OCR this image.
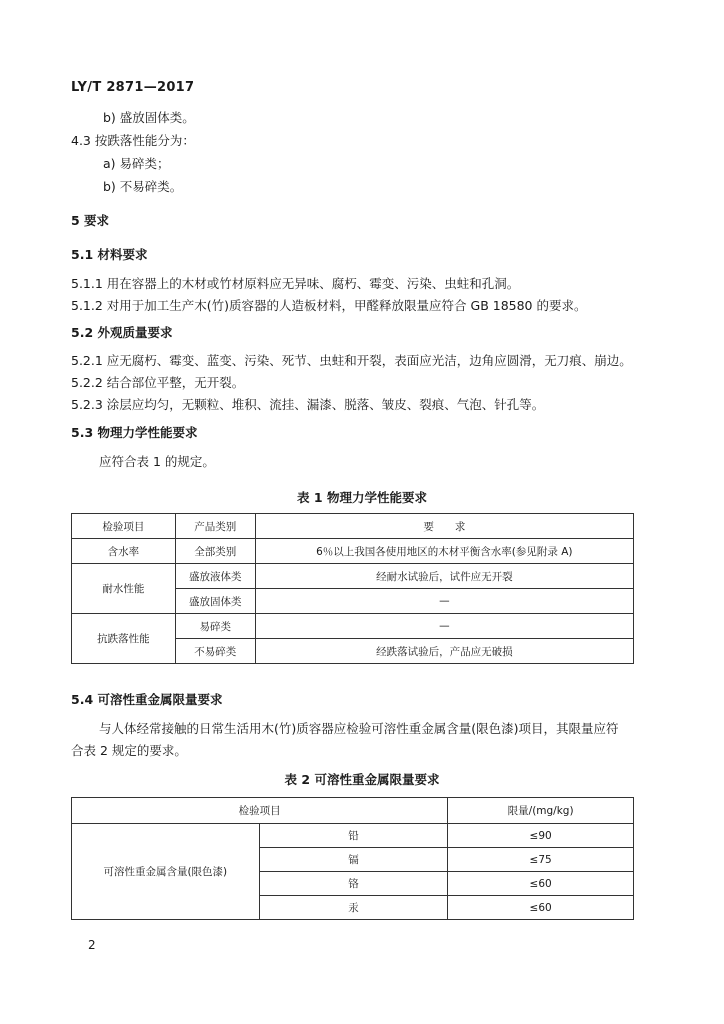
LY/T 2871—2017
b) 盛放固体类。
4.3 按跌落性能分为：
a) 易碎类；
b) 不易碎类。
5 要求
5.1 材料要求
5.1.1 用在容器上的木材或竹材原料应无异味、腐朽、霉变、污染、虫蛀和孔洞。
5.1.2 对用于加工生产木(竹)质容器的人造板材料，甲醛释放限量应符合 GB 18580 的要求。
5.2 外观质量要求
5.2.1 应无腐朽、霉变、蓝变、污染、死节、虫蛀和开裂，表面应光洁，边角应圆滑，无刀痕、崩边。
5.2.2 结合部位平整，无开裂。
5.2.3 涂层应均匀，无颗粒、堆积、流挂、漏漆、脱落、皱皮、裂痕、气泡、针孔等。
5.3 物理力学性能要求
应符合表 1 的规定。
表 1 物理力学性能要求
检验项目	产品类别	要　　求
含水率	全部类别	6％以上我国各使用地区的木材平衡含水率(参见附录 A)
耐水性能	盛放液体类	经耐水试验后，试件应无开裂
	盛放固体类	—
抗跌落性能	易碎类	—
	不易碎类	经跌落试验后，产品应无破损
5.4 可溶性重金属限量要求
与人体经常接触的日常生活用木(竹)质容器应检验可溶性重金属含量(限色漆)项目，其限量应符
合表 2 规定的要求。
表 2 可溶性重金属限量要求
检验项目		限量/(mg/kg)
可溶性重金属含量(限色漆)	铅	≤90
	镉	≤75
	铬	≤60
	汞	≤60
2
